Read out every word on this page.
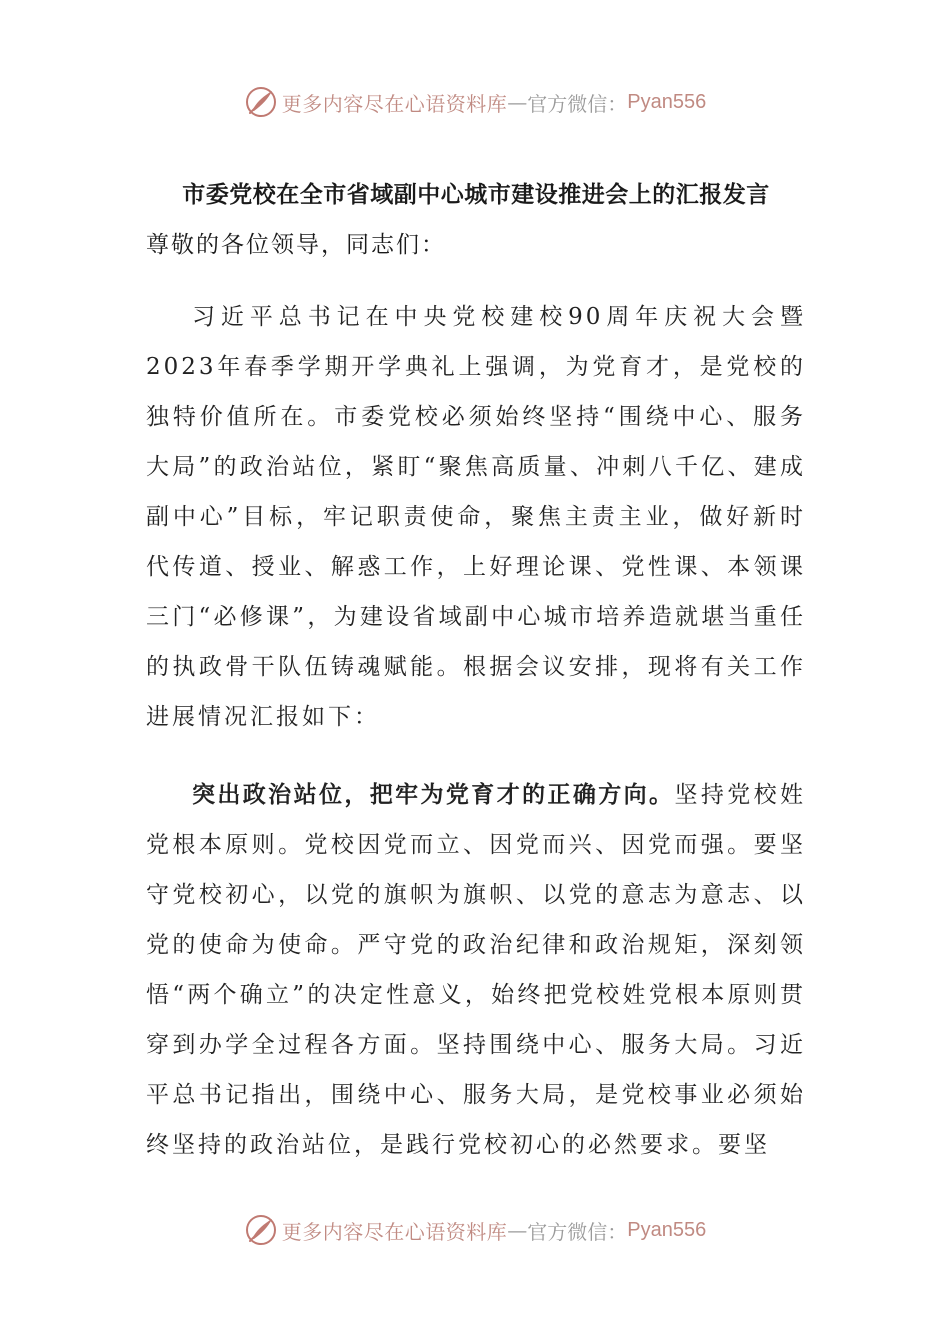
更多内容尽在心语资料库 — 官方微信： Pyan556
市委党校在全市省域副中心城市建设推进会上的汇报发言

尊敬的各位领导，同志们：

习近平总书记在中央党校建校90周年庆祝大会暨2023年春季学期开学典礼上强调，为党育才，是党校的独特价值所在。市委党校必须始终坚持“围绕中心、服务大局”的政治站位，紧盯“聚焦高质量、冲刺八千亿、建成副中心”目标，牢记职责使命，聚焦主责主业，做好新时代传道、授业、解惑工作，上好理论课、党性课、本领课三门“必修课”，为建设省域副中心城市培养造就堪当重任的执政骨干队伍铸魂赋能。根据会议安排，现将有关工作进展情况汇报如下：

突出政治站位，把牢为党育才的正确方向。坚持党校姓党根本原则。党校因党而立、因党而兴、因党而强。要坚守党校初心，以党的旗帜为旗帜、以党的意志为意志、以党的使命为使命。严守党的政治纪律和政治规矩，深刻领悟“两个确立”的决定性意义，始终把党校姓党根本原则贯穿到办学全过程各方面。坚持围绕中心、服务大局。习近平总书记指出，围绕中心、服务大局，是党校事业必须始终坚持的政治站位，是践行党校初心的必然要求。要坚

更多内容尽在心语资料库 — 官方微信： Pyan556
